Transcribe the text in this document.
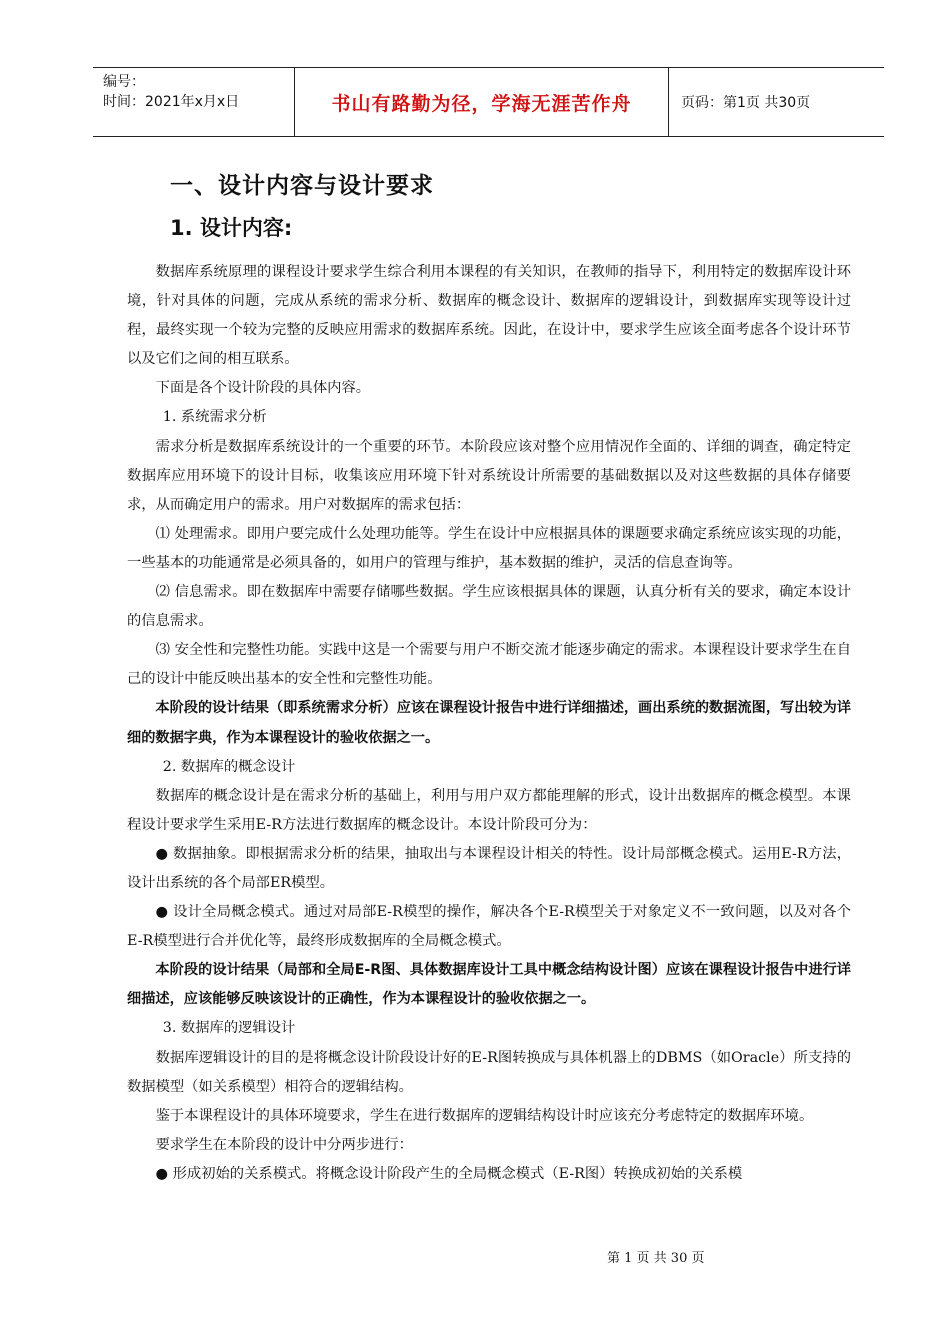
编号：
时间：2021年x月x日	书山有路勤为径，学海无涯苦作舟	页码：第1页 共30页
一、设计内容与设计要求
1. 设计内容:

数据库系统原理的课程设计要求学生综合利用本课程的有关知识，在教师的指导下，利用特定的数据库设计环境，针对具体的问题，完成从系统的需求分析、数据库的概念设计、数据库的逻辑设计，到数据库实现等设计过程，最终实现一个较为完整的反映应用需求的数据库系统。因此，在设计中，要求学生应该全面考虑各个设计环节以及它们之间的相互联系。

下面是各个设计阶段的具体内容。

1. 系统需求分析

需求分析是数据库系统设计的一个重要的环节。本阶段应该对整个应用情况作全面的、详细的调查，确定特定数据库应用环境下的设计目标，收集该应用环境下针对系统设计所需要的基础数据以及对这些数据的具体存储要求，从而确定用户的需求。用户对数据库的需求包括：

⑴ 处理需求。即用户要完成什么处理功能等。学生在设计中应根据具体的课题要求确定系统应该实现的功能，一些基本的功能通常是必须具备的，如用户的管理与维护，基本数据的维护，灵活的信息查询等。

⑵ 信息需求。即在数据库中需要存储哪些数据。学生应该根据具体的课题，认真分析有关的要求，确定本设计的信息需求。

⑶ 安全性和完整性功能。实践中这是一个需要与用户不断交流才能逐步确定的需求。本课程设计要求学生在自己的设计中能反映出基本的安全性和完整性功能。

本阶段的设计结果（即系统需求分析）应该在课程设计报告中进行详细描述，画出系统的数据流图，写出较为详细的数据字典，作为本课程设计的验收依据之一。

2. 数据库的概念设计

数据库的概念设计是在需求分析的基础上，利用与用户双方都能理解的形式，设计出数据库的概念模型。本课程设计要求学生采用E-R方法进行数据库的概念设计。本设计阶段可分为：

● 数据抽象。即根据需求分析的结果，抽取出与本课程设计相关的特性。设计局部概念模式。运用E-R方法，设计出系统的各个局部ER模型。

● 设计全局概念模式。通过对局部E-R模型的操作，解决各个E-R模型关于对象定义不一致问题，以及对各个E-R模型进行合并优化等，最终形成数据库的全局概念模式。

本阶段的设计结果（局部和全局E-R图、具体数据库设计工具中概念结构设计图）应该在课程设计报告中进行详细描述，应该能够反映该设计的正确性，作为本课程设计的验收依据之一。

3. 数据库的逻辑设计

数据库逻辑设计的目的是将概念设计阶段设计好的E-R图转换成与具体机器上的DBMS（如Oracle）所支持的数据模型（如关系模型）相符合的逻辑结构。

鉴于本课程设计的具体环境要求，学生在进行数据库的逻辑结构设计时应该充分考虑特定的数据库环境。

要求学生在本阶段的设计中分两步进行：

● 形成初始的关系模式。将概念设计阶段产生的全局概念模式（E-R图）转换成初始的关系模

第 1 页 共 30 页
